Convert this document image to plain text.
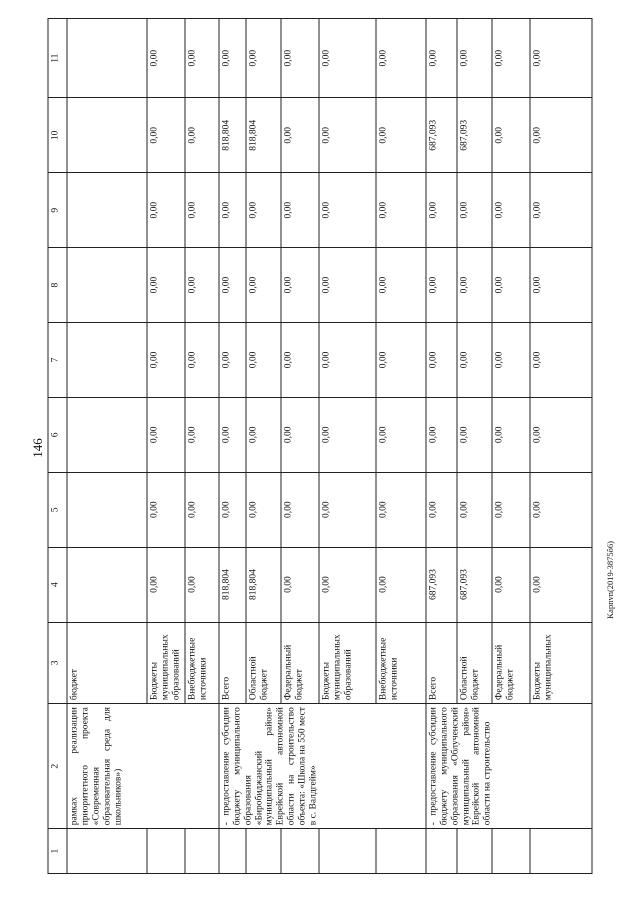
146
Kapnvn(2019-3875ô6)
1	2	3	4	5	6	7	8	9	10	11
	рамках реализации приоритетного проекта «Современная образовательная среда для школьников»)	бюджет								
		Бюджеты муниципальных образований	0,00	0,00	0,00	0,00	0,00	0,00	0,00	0,00
		Внебюджетные источники	0,00	0,00	0,00	0,00	0,00	0,00	0,00	0,00
	- предоставление субсидии бюджету муниципального образования «Биробиджанский муниципальный район» Еврейской автономной области на строительство объекта: «Школа на 550 мест в с. Валдгейм»	Всего	818,804	0,00	0,00	0,00	0,00	0,00	818,804	0,00
		Областной бюджет	818,804	0,00	0,00	0,00	0,00	0,00	818,804	0,00
		Федеральный бюджет	0,00	0,00	0,00	0,00	0,00	0,00	0,00	0,00
		Бюджеты муниципальных образований	0,00	0,00	0,00	0,00	0,00	0,00	0,00	0,00
		Внебюджетные источники	0,00	0,00	0,00	0,00	0,00	0,00	0,00	0,00
	- предоставление субсидии бюджету муниципального образования «Облученский муниципальный район» Еврейской автономной области на строительство	Всего	687,093	0,00	0,00	0,00	0,00	0,00	687,093	0,00
		Областной бюджет	687,093	0,00	0,00	0,00	0,00	0,00	687,093	0,00
		Федеральный бюджет	0,00	0,00	0,00	0,00	0,00	0,00	0,00	0,00
		Бюджеты муниципальных	0,00	0,00	0,00	0,00	0,00	0,00	0,00	0,00
